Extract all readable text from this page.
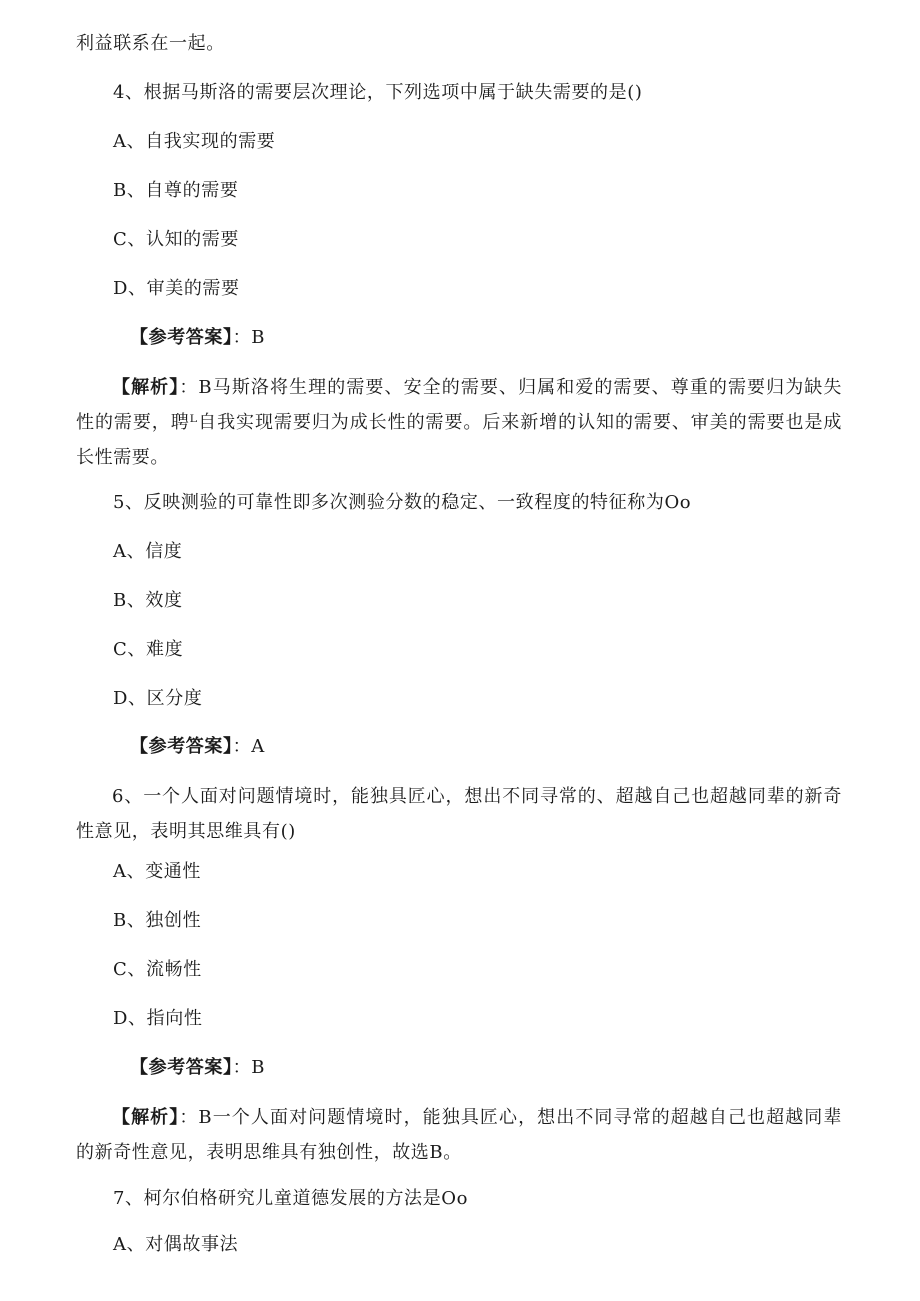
利益联系在一起。
4、根据马斯洛的需要层次理论，下列选项中属于缺失需要的是()
A、自我实现的需要
B、自尊的需要
C、认知的需要
D、审美的需要
【参考答案】：B
【解析】：B马斯洛将生理的需要、安全的需要、归属和爱的需要、尊重的需要归为缺失性的需要，聘ᴸ自我实现需要归为成长性的需要。后来新增的认知的需要、审美的需要也是成长性需要。
5、反映测验的可靠性即多次测验分数的稳定、一致程度的特征称为Oo
A、信度
B、效度
C、难度
D、区分度
【参考答案】：A
6、一个人面对问题情境时，能独具匠心，想出不同寻常的、超越自己也超越同辈的新奇性意见，表明其思维具有()
A、变通性
B、独创性
C、流畅性
D、指向性
【参考答案】：B
【解析】：B一个人面对问题情境时，能独具匠心，想出不同寻常的超越自己也超越同辈的新奇性意见，表明思维具有独创性，故选B。
7、柯尔伯格研究儿童道德发展的方法是Oo
A、对偶故事法
